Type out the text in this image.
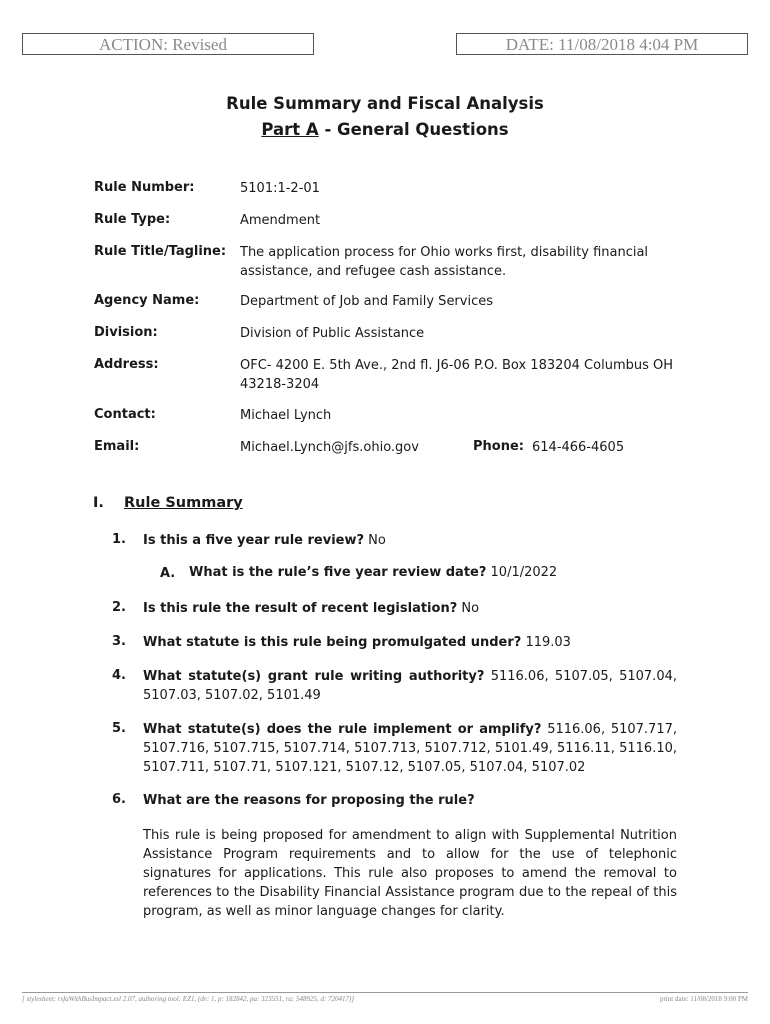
ACTION: Revised	DATE: 11/08/2018 4:04 PM
Rule Summary and Fiscal Analysis
Part A - General Questions
Rule Number:	5101:1-2-01
Rule Type:	Amendment
Rule Title/Tagline: The application process for Ohio works first, disability financial assistance, and refugee cash assistance.
Agency Name:	Department of Job and Family Services
Division:	Division of Public Assistance
Address:	OFC- 4200 E. 5th Ave., 2nd fl. J6-06 P.O. Box 183204 Columbus OH 43218-3204
Contact:	Michael Lynch
Email:	Michael.Lynch@jfs.ohio.gov	Phone: 614-466-4605
I. Rule Summary
1. Is this a five year rule review? No
A. What is the rule’s five year review date? 10/1/2022
2. Is this rule the result of recent legislation? No
3. What statute is this rule being promulgated under? 119.03
4. What statute(s) grant rule writing authority? 5116.06, 5107.05, 5107.04, 5107.03, 5107.02, 5101.49
5. What statute(s) does the rule implement or amplify? 5116.06, 5107.717, 5107.716, 5107.715, 5107.714, 5107.713, 5107.712, 5101.49, 5116.11, 5116.10, 5107.711, 5107.71, 5107.121, 5107.12, 5107.05, 5107.04, 5107.02
6. What are the reasons for proposing the rule?
This rule is being proposed for amendment to align with Supplemental Nutrition Assistance Program requirements and to allow for the use of telephonic signatures for applications. This rule also proposes to amend the removal to references to the Disability Financial Assistance program due to the repeal of this program, as well as minor language changes for clarity.
[ stylesheet: rsfaWithBusImpact.xsl 2.07, authoring tool: EZ1, (dv: 1, p: 182842, pa: 323551, ra: 548925, d: 720417)]	print date: 11/08/2018 9:00 PM
